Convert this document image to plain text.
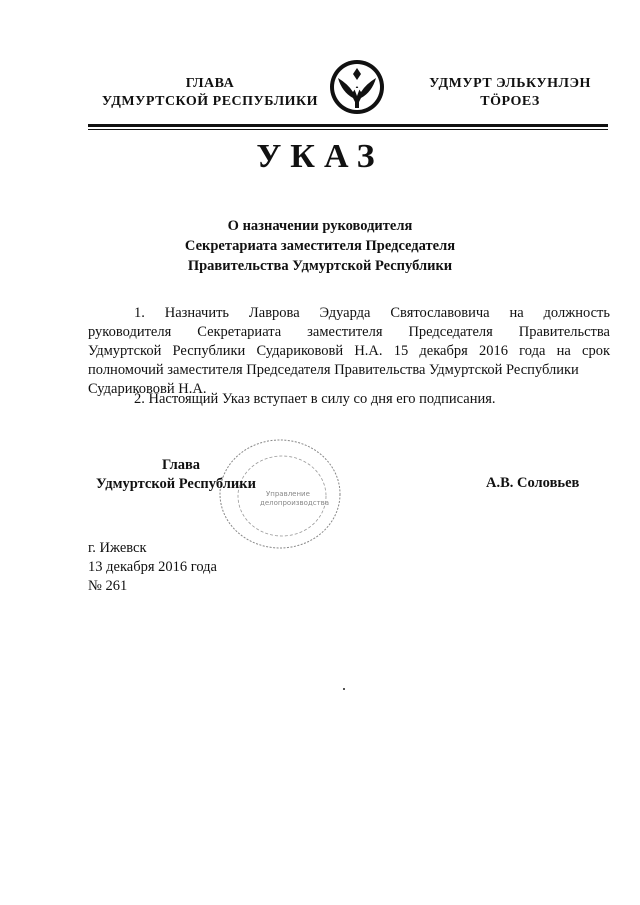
ГЛАВА
УДМУРТСКОЙ РЕСПУБЛИКИ
УДМУРТ ЭЛЬКУНЛЭН
ТÖРОЕЗ
УКАЗ
О назначении руководителя
Секретариата заместителя Председателя
Правительства Удмуртской Республики
1. Назначить Лаврова Эдуарда Святославовича на должность
руководителя Секретариата заместителя Председателя Правительства
Удмуртской Республики Сударикововй Н.А. 15 декабря 2016 года на срок
полномочий заместителя Председателя Правительства Удмуртской Республики
Сударикововй Н.А.
2. Настоящий Указ вступает в силу со дня его подписания.
Управление
делопроизводства
Глава
Удмуртской Республики	А.В. Соловьев
г. Ижевск
13 декабря 2016 года
№ 261
